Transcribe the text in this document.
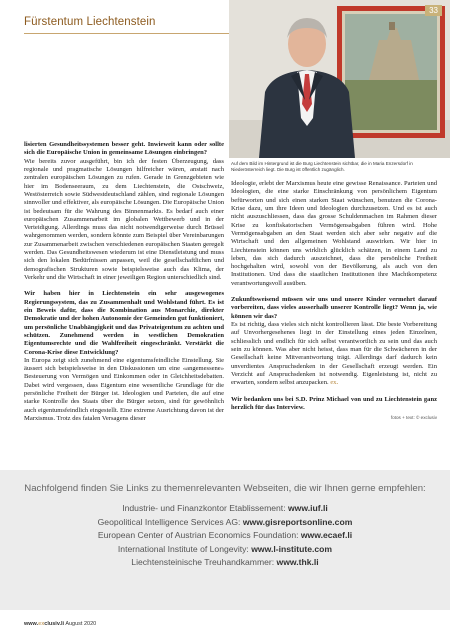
Fürstentum Liechtenstein
33
Auf dem Bild im Hintergrund ist die Burg Liechtenstein sichtbar, die in Maria Enzersdorf in Niederösterreich liegt. Die Burg ist öffentlich zugänglich.

lisierten Gesundheitssystemen besser geht. Inwieweit kann oder sollte sich die Europäische Union in gemeinsame Lösungen einbringen?

Wie bereits zuvor ausgeführt, bin ich der festen Überzeugung, dass regionale und pragmatische Lösungen hilfreicher wären, anstatt nach zentralen europäischen Lösungen zu rufen. Gerade in Grenzgebieten wie hier im Bodenseeraum, zu dem Liechtenstein, die Ostschweiz, Westösterreich sowie Südwestdeutschland zählen, sind regionale Lösungen sinnvoller und effektiver, als europäische Lösungen. Die Europäische Union ist bedeutsam für die Wahrung des Binnenmarkts. Es bedarf auch einer europäischen Zusammenarbeit im globalen Wettbewerb und in der Verteidigung. Allerdings muss das nicht notwendigerweise durch Brüssel wahrgenommen werden, sondern könnte zum Beispiel über Vereinbarungen zur Zusammenarbeit zwischen verschiedenen europäischen Staaten geregelt werden. Das Gesundheitswesen wiederum ist eine Dienstleistung und muss sich den lokalen Bedürfnissen anpassen, weil die gesellschaftlichen und demografischen Strukturen sowie beispielsweise auch das Klima, der Verkehr und die Wirtschaft in einer jeweiligen Region unterschiedlich sind.

Wir haben hier in Liechtenstein ein sehr ausgewogenes Regierungssystem, das zu Zusammenhalt und Wohlstand führt. Es ist ein Beweis dafür, dass die Kombination aus Monarchie, direkter Demokratie und der hohen Autonomie der Gemeinden gut funktioniert, um persönliche Unabhängigkeit und das Privateigentum zu achten und schützen. Zunehmend werden in westlichen Demokratien Eigentumsrechte und die Wahlfreiheit eingeschränkt. Verstärkt die Corona-Krise diese Entwicklung?

In Europa zeigt sich zunehmend eine eigentumsfeindliche Einstellung. Sie äussert sich beispielsweise in den Diskussionen um eine «angemessene» Besteuerung von Vermögen und Einkommen oder in Gleichheitsdebatten. Dabei wird vergessen, dass Eigentum eine wesentliche Grundlage für die persönliche Freiheit der Bürger ist. Ideologien und Parteien, die auf eine starke Kontrolle des Staats über die Bürger setzen, sind für gewöhnlich auch eigentumsfeindlich eingestellt. Eine extreme Ausrichtung davon ist der Marxismus. Trotz des fatalen Versagens dieser

Ideologie, erlebt der Marxismus heute eine gewisse Renaissance. Parteien und Ideologien, die eine starke Einschränkung von persönlichem Eigentum befürworten und sich einen starken Staat wünschen, benutzen die Corona-Krise dazu, um ihre Ideen und Ideologien durchzusetzen. Und es ist auch nicht auszuschliessen, dass das grosse Schuldenmachen im Rahmen dieser Krise zu konfiskatorischen Vermögensabgaben führen wird. Hohe Vermögensabgaben an den Staat werden sich aber sehr negativ auf die Wirtschaft und den allgemeinen Wohlstand auswirken. Wir hier in Liechtenstein können uns wirklich glücklich schätzen, in einem Land zu leben, das sich dadurch auszeichnet, dass die persönliche Freiheit hochgehalten wird, sowohl von der Bevölkerung, als auch von den Institutionen. Und dass die staatlichen Institutionen ihre Machtkompetenz verantwortungsvoll ausüben.

Zukunftsweisend müssen wir uns und unsere Kinder vermehrt darauf vorbereiten, dass vieles ausserhalb unserer Kontrolle liegt? Wenn ja, wie können wir das?

Es ist richtig, dass vieles sich nicht kontrollieren lässt. Die beste Vorbereitung auf Unvorhergesehenes liegt in der Einstellung eines jeden Einzelnen, schliesslich und endlich für sich selbst verantwortlich zu sein und das auch sein zu können. Was aber nicht heisst, dass man für die Schwächeren in der Gesellschaft keine Mitverantwortung trägt. Allerdings darf dadurch kein unverdientes Anspruchsdenken in der Gesellschaft erzeugt werden. Ein Verzicht auf Anspruchsdenken ist notwendig. Eigenleistung ist, nicht zu erwarten, sondern selbst anzupacken. ex.

Wir bedanken uns bei S.D. Prinz Michael von und zu Liechtenstein ganz herzlich für das Interview.

fotos + text: © exclusiv
Nachfolgend finden Sie Links zu themenrelevanten Webseiten, die wir Ihnen gerne empfehlen:
Industrie- und Finanzkontor Etablissement: www.iuf.li
Geopolitical Intelligence Services AG: www.gisreportsonline.com
European Center of Austrian Economics Foundation: www.ecaef.li
International Institute of Longevity: www.l-institute.com
Liechtensteinische Treuhandkammer: www.thk.li
www.exclusiv.li August 2020
